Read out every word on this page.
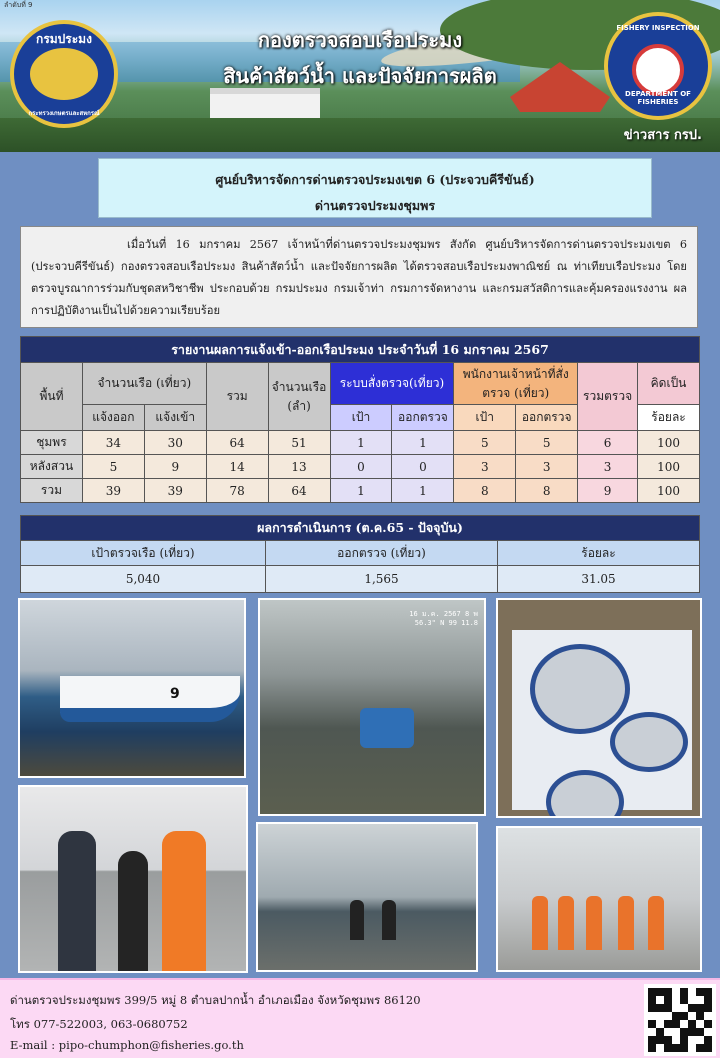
ลำดับที่ 9
กองตรวจสอบเรือประมง
สินค้าสัตว์น้ำ และปัจจัยการผลิต
ข่าวสาร กรป.
กรมประมง
กระทรวงเกษตรและสหกรณ์
FISHERY INSPECTION
DEPARTMENT OF FISHERIES
ศูนย์บริหารจัดการด่านตรวจประมงเขต 6 (ประจวบคีรีขันธ์)
ด่านตรวจประมงชุมพร
เมื่อวันที่ 16 มกราคม 2567 เจ้าหน้าที่ด่านตรวจประมงชุมพร สังกัด ศูนย์บริหารจัดการด่านตรวจประมงเขต 6 (ประจวบคีรีขันธ์) กองตรวจสอบเรือประมง สินค้าสัตว์น้ำ และปัจจัยการผลิต ได้ตรวจสอบเรือประมงพาณิชย์ ณ ท่าเทียบเรือประมง โดยตรวจบูรณาการร่วมกับชุดสหวิชาชีพ ประกอบด้วย กรมประมง กรมเจ้าท่า กรมการจัดหางาน และกรมสวัสดิการและคุ้มครองแรงงาน ผลการปฏิบัติงานเป็นไปด้วยความเรียบร้อย
รายงานผลการแจ้งเข้า-ออกเรือประมง ประจำวันที่ 16 มกราคม 2567										
พื้นที่	จำนวนเรือ (เที่ยว)		รวม	จำนวนเรือ (ลำ)	ระบบสั่งตรวจ(เที่ยว)		พนักงานเจ้าหน้าที่สั่งตรวจ (เที่ยว)		รวมตรวจ	คิดเป็น
	แจ้งออก	แจ้งเข้า			เป้า	ออกตรวจ	เป้า	ออกตรวจ		ร้อยละ
ชุมพร	34	30	64	51	1	1	5	5	6	100
หลังสวน	5	9	14	13	0	0	3	3	3	100
รวม	39	39	78	64	1	1	8	8	9	100
ผลการดำเนินการ (ต.ค.65 - ปัจจุบัน)		
เป้าตรวจเรือ (เที่ยว)	ออกตรวจ (เที่ยว)	ร้อยละ
5,040	1,565	31.05
9
16 ม.ค. 2567 8 พ
56.3" N 99 11.8
ด่านตรวจประมงชุมพร 399/5 หมู่ 8 ตำบลปากน้ำ อำเภอเมือง จังหวัดชุมพร 86120
โทร 077-522003, 063-0680752
E-mail : pipo-chumphon@fisheries.go.th
